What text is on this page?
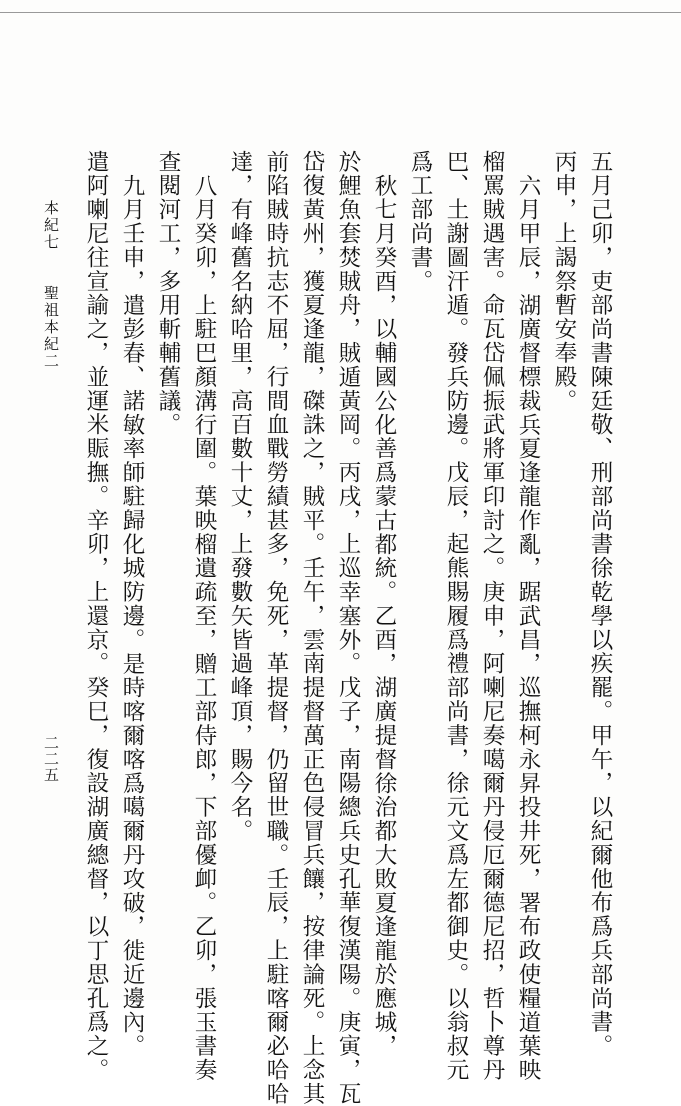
五月己卯，吏部尚書陳廷敬、刑部尚書徐乾學以疾罷。甲午，以紀爾他布爲兵部尚書。
丙申，上謁祭暫安奉殿。
六月甲辰，湖廣督標裁兵夏逢龍作亂，踞武昌，巡撫柯永昇投井死，署布政使糧道葉映
榴罵賊遇害。命瓦岱佩振武將軍印討之。庚申，阿喇尼奏噶爾丹侵厄爾德尼招，哲卜尊丹
巴、土謝圖汗遁。發兵防邊。戊辰，起熊賜履爲禮部尚書，徐元文爲左都御史。以翁叔元
爲工部尚書。
秋七月癸酉，以輔國公化善爲蒙古都統。乙酉，湖廣提督徐治都大敗夏逢龍於應城，
於鯉魚套焚賊舟，賊遁黃岡。丙戌，上巡幸塞外。戊子，南陽總兵史孔華復漢陽。庚寅，瓦
岱復黃州，獲夏逢龍，磔誅之，賊平。壬午，雲南提督萬正色侵冒兵饟，按律論死。上念其
前陷賊時抗志不屈，行間血戰勞績甚多，免死，革提督，仍留世職。壬辰，上駐喀爾必哈哈
達，有峰舊名納哈里，高百數十丈，上發數矢皆過峰頂，賜今名。
八月癸卯，上駐巴顏溝行圍。葉映榴遺疏至，贈工部侍郎，下部優卹。乙卯，張玉書奏
查閱河工，多用斬輔舊議。
九月壬申，遣彭春、諾敏率師駐歸化城防邊。是時喀爾喀爲噶爾丹攻破，徙近邊內。
遣阿喇尼往宣諭之，並運米賑撫。辛卯，上還京。癸巳，復設湖廣總督，以丁思孔爲之。
本紀七
聖祖本紀二
二二五
